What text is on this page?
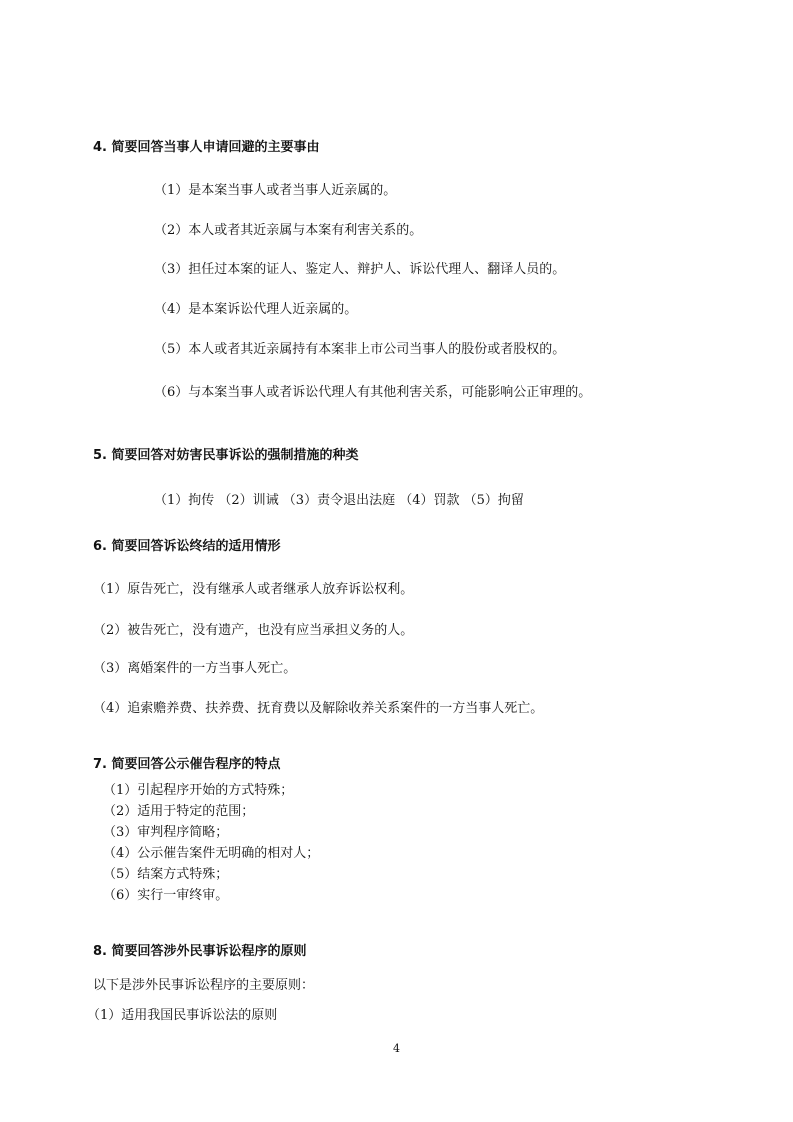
4. 简要回答当事人申请回避的主要事由
（1）是本案当事人或者当事人近亲属的。
（2）本人或者其近亲属与本案有利害关系的。
（3）担任过本案的证人、鉴定人、辩护人、诉讼代理人、翻译人员的。
（4）是本案诉讼代理人近亲属的。
（5）本人或者其近亲属持有本案非上市公司当事人的股份或者股权的。
（6）与本案当事人或者诉讼代理人有其他利害关系，可能影响公正审理的。
5. 简要回答对妨害民事诉讼的强制措施的种类
（1）拘传 （2）训诫 （3）责令退出法庭 （4）罚款 （5）拘留
6. 简要回答诉讼终结的适用情形
（1）原告死亡，没有继承人或者继承人放弃诉讼权利。
（2）被告死亡，没有遗产，也没有应当承担义务的人。
（3）离婚案件的一方当事人死亡。
（4）追索赡养费、扶养费、抚育费以及解除收养关系案件的一方当事人死亡。
7. 简要回答公示催告程序的特点
（1）引起程序开始的方式特殊；
（2）适用于特定的范围；
（3）审判程序简略；
（4）公示催告案件无明确的相对人；
（5）结案方式特殊；
（6）实行一审终审。
8. 简要回答涉外民事诉讼程序的原则
以下是涉外民事诉讼程序的主要原则：
（1）适用我国民事诉讼法的原则
4
